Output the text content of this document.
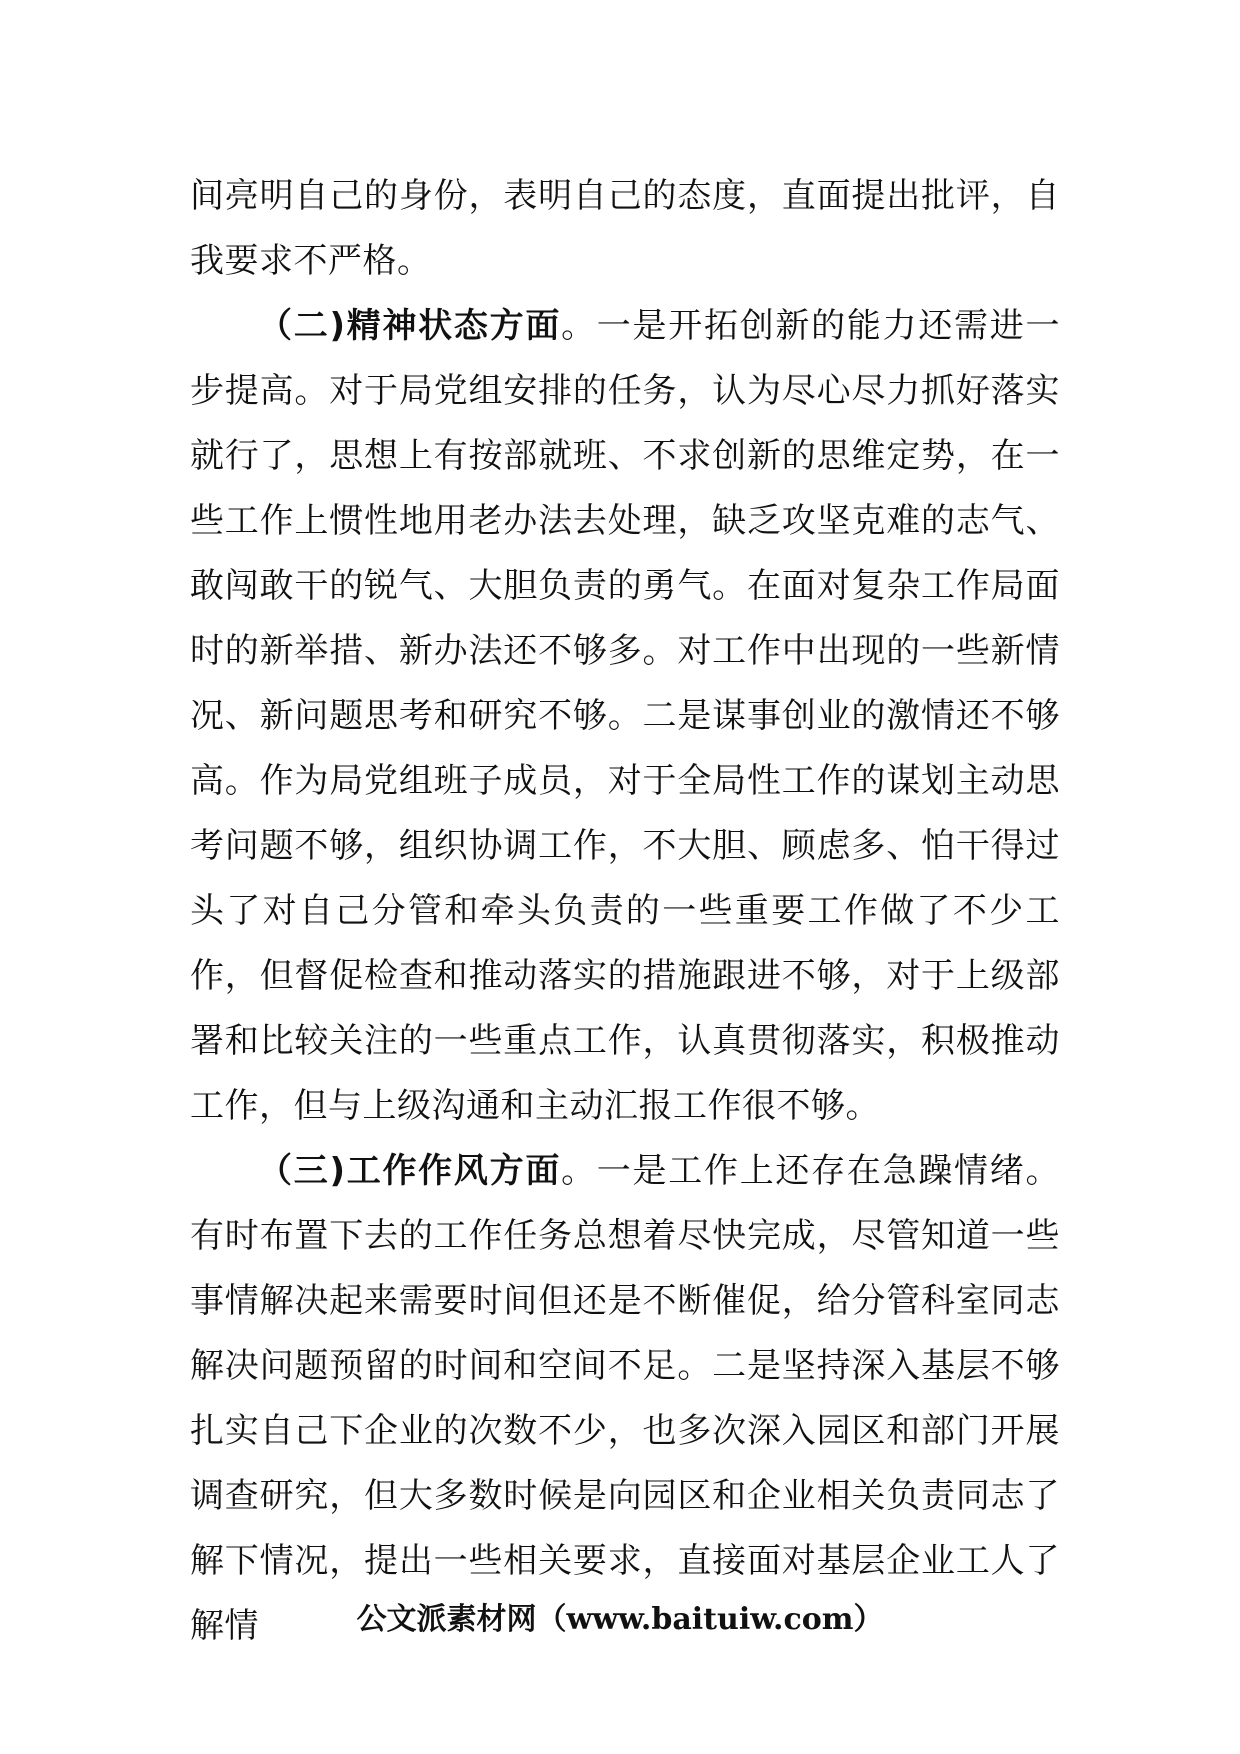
间亮明自己的身份，表明自己的态度，直面提出批评，自我要求不严格。

（二)精神状态方面。一是开拓创新的能力还需进一步提高。对于局党组安排的任务，认为尽心尽力抓好落实就行了，思想上有按部就班、不求创新的思维定势，在一些工作上惯性地用老办法去处理，缺乏攻坚克难的志气、敢闯敢干的锐气、大胆负责的勇气。在面对复杂工作局面时的新举措、新办法还不够多。对工作中出现的一些新情况、新问题思考和研究不够。二是谋事创业的激情还不够高。作为局党组班子成员，对于全局性工作的谋划主动思考问题不够，组织协调工作，不大胆、顾虑多、怕干得过头了对自己分管和牵头负责的一些重要工作做了不少工作，但督促检查和推动落实的措施跟进不够，对于上级部署和比较关注的一些重点工作，认真贯彻落实，积极推动工作，但与上级沟通和主动汇报工作很不够。

（三)工作作风方面。一是工作上还存在急躁情绪。有时布置下去的工作任务总想着尽快完成，尽管知道一些事情解决起来需要时间但还是不断催促，给分管科室同志解决问题预留的时间和空间不足。二是坚持深入基层不够扎实自己下企业的次数不少，也多次深入园区和部门开展调查研究，但大多数时候是向园区和企业相关负责同志了解下情况，提出一些相关要求，直接面对基层企业工人了解情	公文派素材网（www.baituiw.com）
